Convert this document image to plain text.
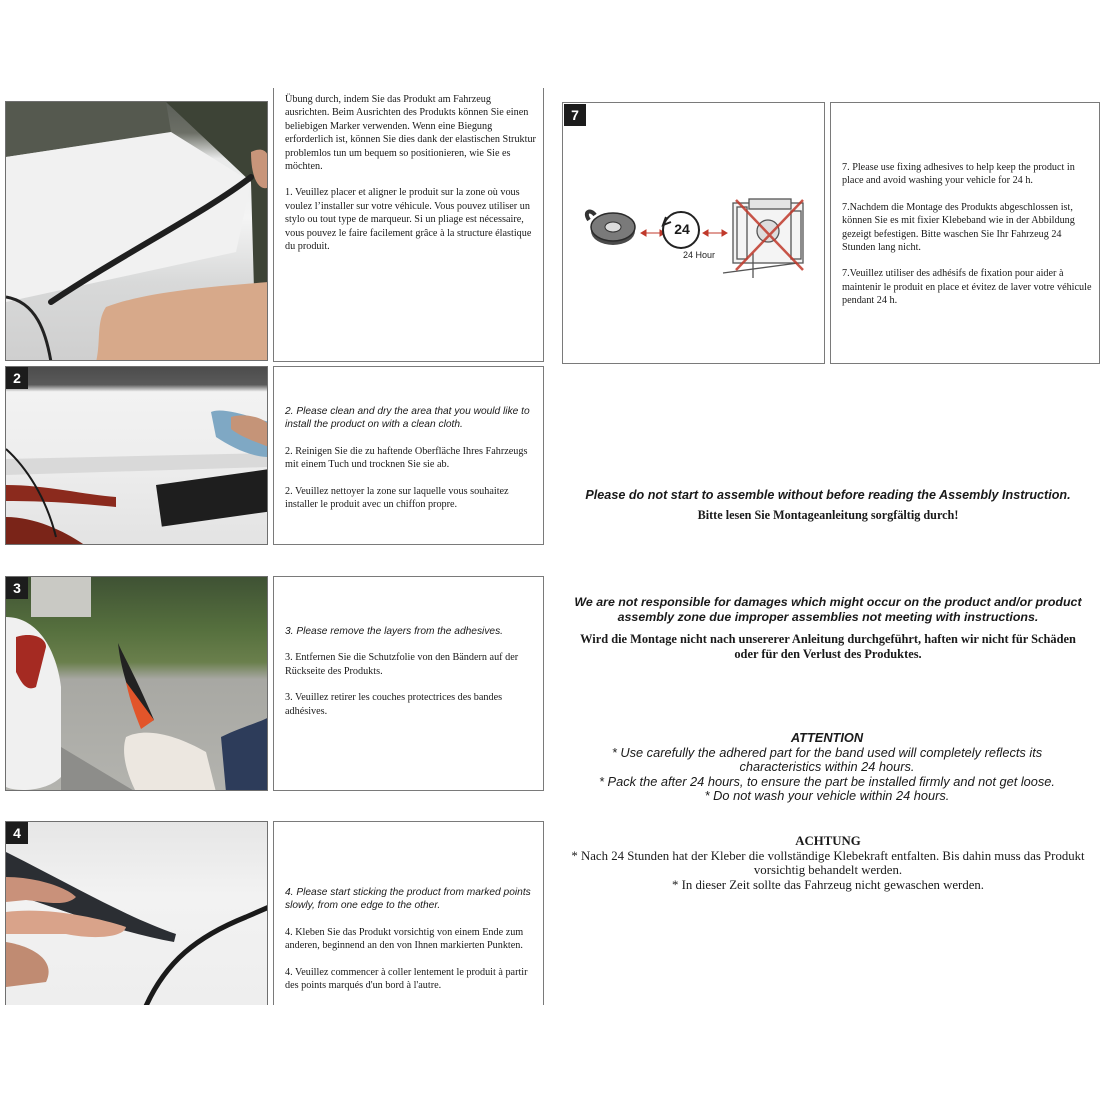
Übung durch, indem Sie das Produkt am Fahrzeug ausrichten. Beim Ausrichten des Produkts können Sie einen beliebigen Marker verwenden. Wenn eine Biegung erforderlich ist, können Sie dies dank der elastischen Struktur problemlos tun um bequem so positionieren, wie Sie es möchten.

1. Veuillez placer et aligner le produit sur la zone où vous voulez l’installer sur votre véhicule. Vous pouvez utiliser un stylo ou tout type de marqueur. Si un pliage est nécessaire, vous pouvez le faire facilement grâce à la structure élastique du produit.

7
24
24 Hour

7. Please use fixing adhesives to help keep the product in place and avoid washing your vehicle for 24 h.

7.Nachdem die Montage des Produkts abgeschlossen ist, können Sie es mit fixier Klebeband wie in der Abbildung gezeigt befestigen. Bitte waschen Sie Ihr Fahrzeug 24 Stunden lang nicht.

7.Veuillez utiliser des adhésifs de fixation pour aider à maintenir le produit en place et évitez de laver votre véhicule pendant 24 h.

2

2. Please clean and dry the area that you would like to install the product on with a clean cloth.

2. Reinigen Sie die zu haftende Oberfläche Ihres Fahrzeugs mit einem Tuch und trocknen Sie sie ab.

2. Veuillez nettoyer la zone sur laquelle vous souhaitez installer le produit avec un chiffon propre.

Please do not start to assemble without before reading the Assembly Instruction.
Bitte lesen Sie Montageanleitung sorgfältig durch!
We are not responsible for damages which might occur on the product and/or product assembly zone due improper assemblies not meeting with instructions.
Wird die Montage nicht nach unsererer Anleitung durchgeführt, haften wir nicht für Schäden oder für den Verlust des Produktes.
ATTENTION
* Use carefully the adhered part for the band used will completely reflects its characteristics within 24 hours.
* Pack the after 24 hours, to ensure the part be installed firmly and not get loose.
* Do not wash your vehicle within 24 hours.
ACHTUNG
* Nach 24 Stunden hat der Kleber die vollständige Klebekraft entfalten. Bis dahin muss das Produkt vorsichtig behandelt werden.
* In dieser Zeit sollte das Fahrzeug nicht gewaschen werden.
3

3. Please remove the layers from the adhesives.

3. Entfernen Sie die Schutzfolie von den Bändern auf der Rückseite des Produkts.

3. Veuillez retirer les couches protectrices des bandes adhésives.

4

4. Please start sticking the product from marked points slowly, from one edge to the other.

4. Kleben Sie das Produkt vorsichtig von einem Ende zum anderen, beginnend an den von Ihnen markierten Punkten.

4. Veuillez commencer à coller lentement le produit à partir des points marqués d'un bord à l'autre.
